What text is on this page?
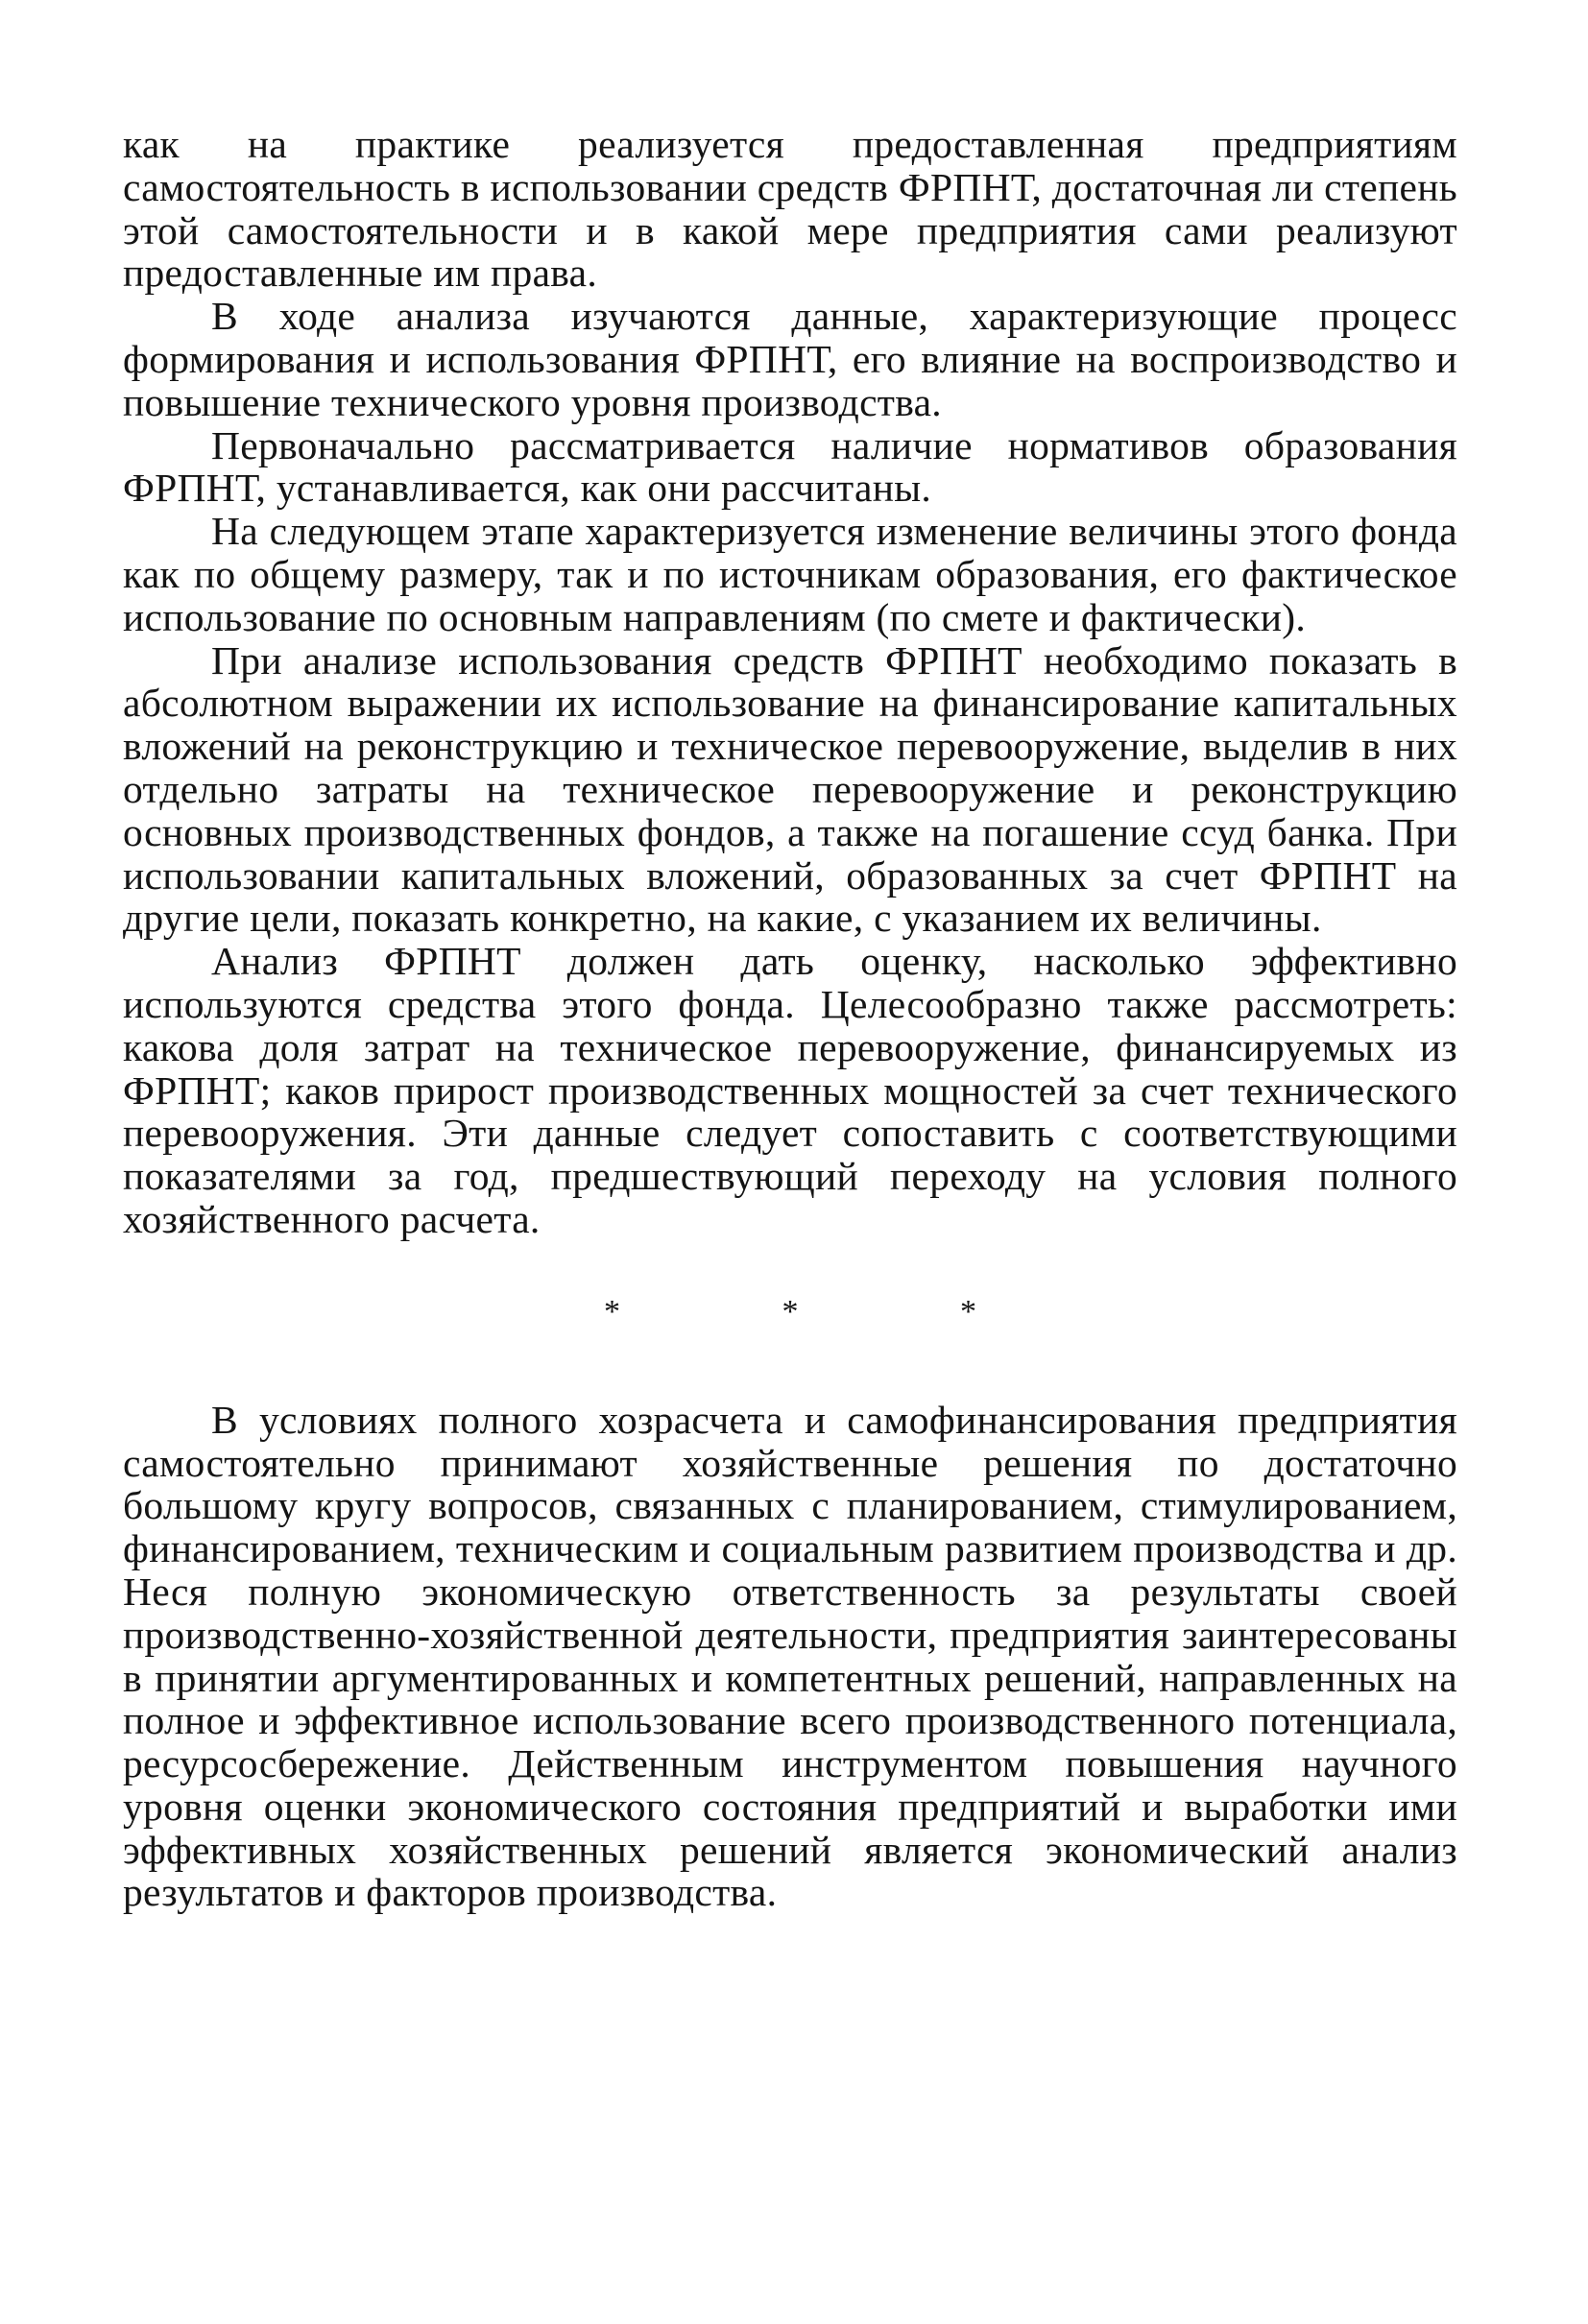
как на практике реализуется предоставленная предприятиям самостоятельность в использовании средств ФРПНТ, достаточная ли степень этой самостоятельности и в какой мере предприятия сами реализуют предоставленные им права.

В ходе анализа изучаются данные, характеризующие процесс формирования и использования ФРПНТ, его влияние на воспроизводство и повышение технического уровня производства.

Первоначально рассматривается наличие нормативов образования ФРПНТ, устанавливается, как они рассчитаны.

На следующем этапе характеризуется изменение величины этого фонда как по общему размеру, так и по источникам образования, его фактическое использование по основным направлениям (по смете и фактически).

При анализе использования средств ФРПНТ необходимо показать в абсолютном выражении их использование на финансирование капитальных вложений на реконструкцию и техническое перевооружение, выделив в них отдельно затраты на техническое перевооружение и реконструкцию основных производственных фондов, а также на погашение ссуд банка. При использовании капитальных вложений, образованных за счет ФРПНТ на другие цели, показать конкретно, на какие, с указанием их величины.

Анализ ФРПНТ должен дать оценку, насколько эффективно используются средства этого фонда. Целесообразно также рассмотреть: какова доля затрат на техническое перевооружение, финансируемых из ФРПНТ; каков прирост производственных мощностей за счет технического перевооружения. Эти данные следует сопоставить с соответствующими показателями за год, предшествующий переходу на условия полного хозяйственного расчета.

* * *

В условиях полного хозрасчета и самофинансирования предприятия самостоятельно принимают хозяйственные решения по достаточно большому кругу вопросов, связанных с планированием, стимулированием, финансированием, техническим и социальным развитием производства и др. Неся полную экономическую ответственность за результаты своей производственно-хозяйственной деятельности, предприятия заинтересованы в принятии аргументированных и компетентных решений, направленных на полное и эффективное использование всего производственного потенциала, ресурсосбережение. Действенным инструментом повышения научного уровня оценки экономического состояния предприятий и выработки ими эффективных хозяйственных решений является экономический анализ результатов и факторов производства.
